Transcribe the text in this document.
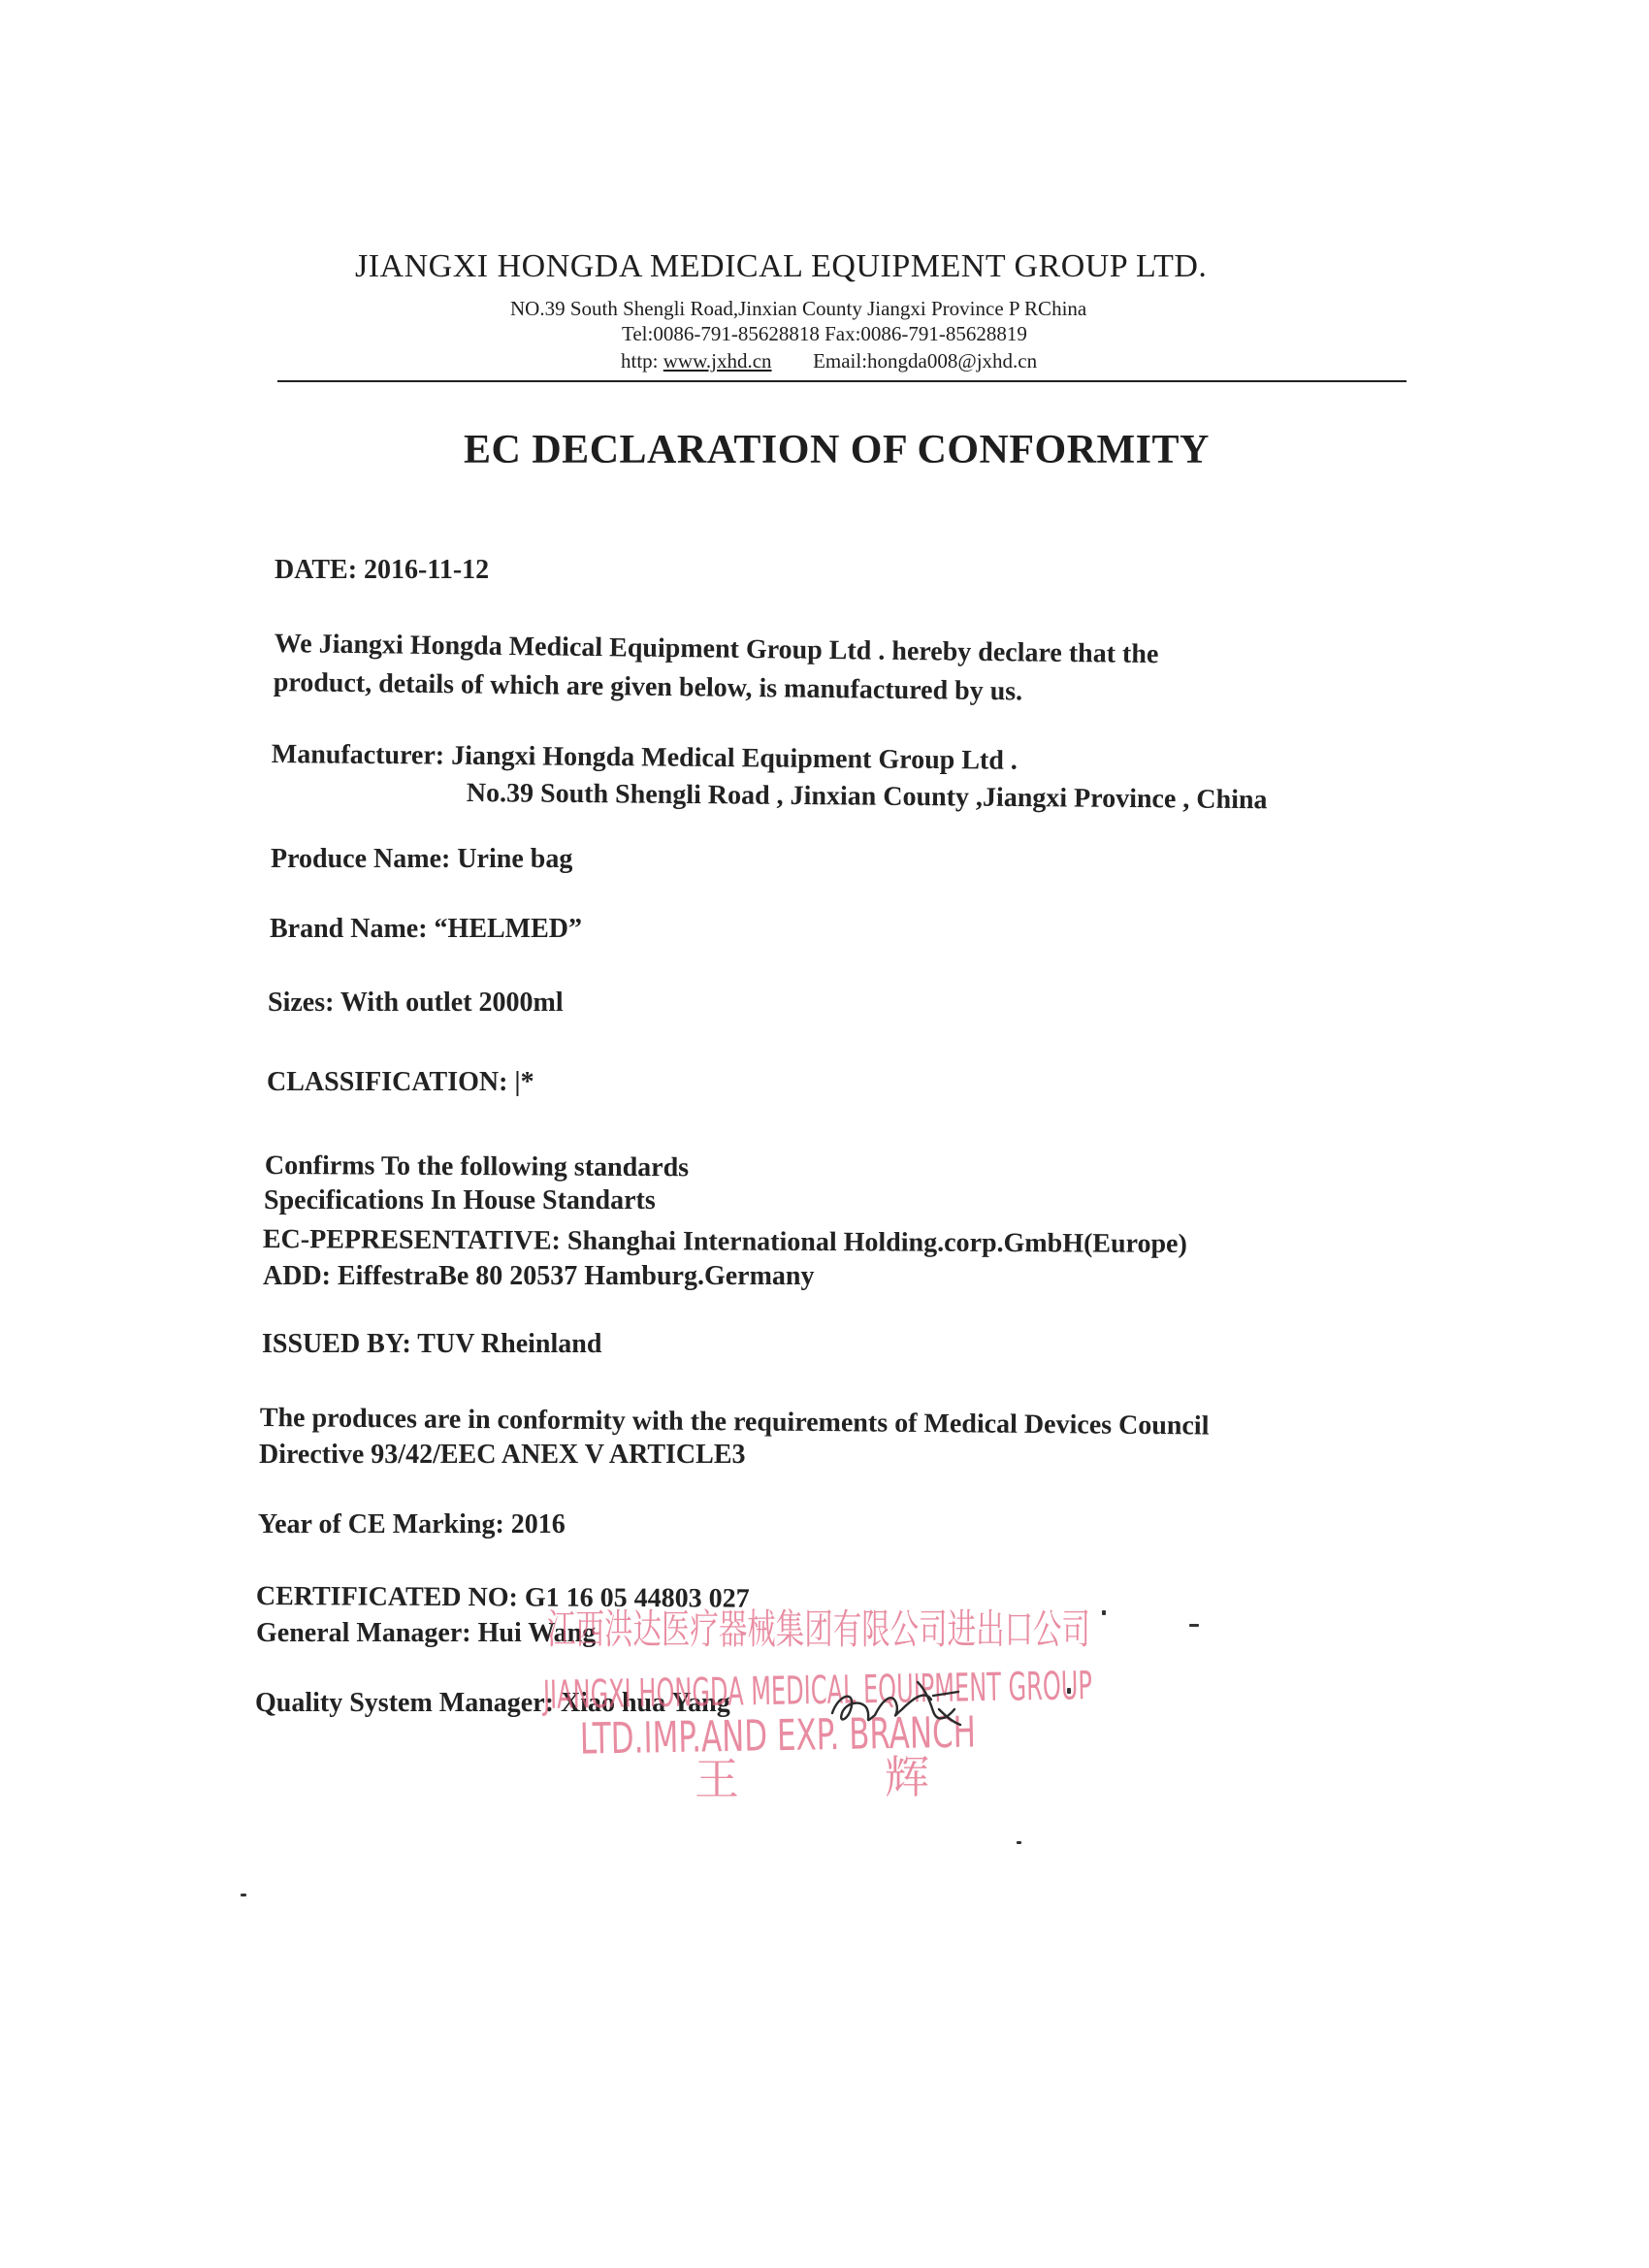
JIANGXI HONGDA MEDICAL EQUIPMENT GROUP LTD.
NO.39 South Shengli Road,Jinxian County Jiangxi Province P RChina
Tel:0086-791-85628818 Fax:0086-791-85628819
http: www.jxhd.cn Email:hongda008@jxhd.cn
EC DECLARATION OF CONFORMITY
DATE: 2016-11-12
We Jiangxi Hongda Medical Equipment Group Ltd . hereby declare that the
product, details of which are given below, is manufactured by us.
Manufacturer: Jiangxi Hongda Medical Equipment Group Ltd .
No.39 South Shengli Road , Jinxian County ,Jiangxi Province , China
Produce Name: Urine bag
Brand Name: “HELMED”
Sizes: With outlet 2000ml
CLASSIFICATION: |*
Confirms To the following standards
Specifications In House Standarts
EC-PEPRESENTATIVE: Shanghai International Holding.corp.GmbH(Europe)
ADD: EiffestraBe 80 20537 Hamburg.Germany
ISSUED BY: TUV Rheinland
The produces are in conformity with the requirements of Medical Devices Council
Directive 93/42/EEC ANEX V ARTICLE3
Year of CE Marking: 2016
CERTIFICATED NO: G1 16 05 44803 027
General Manager: Hui Wang
Quality System Manager: Xiao hua Yang
江西洪达医疗器械集团有限公司进出口公司
JIANGXI HONGDA MEDICAL EQUIPMENT
LTD.IMP.AND EXP. BRANCH
王	辉
